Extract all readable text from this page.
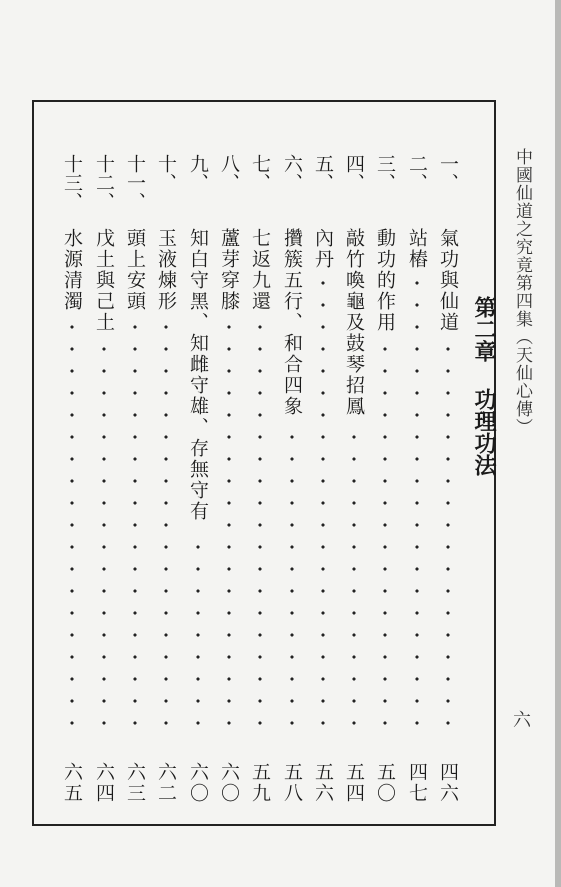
中國仙道之究竟第四集（天仙心傳）
六
第二章功理功法
一、
氣功與仙道
四六
二、
站樁
四七
三、
動功的作用
五〇
四、
敲竹喚龜及鼓琴招鳳
五四
五、
內丹
五六
六、
攢簇五行、和合四象
五八
七、
七返九還
五九
八、
蘆芽穿膝
六〇
九、
知白守黑、知雌守雄、存無守有
六〇
十、
玉液煉形
六二
十一、
頭上安頭
六三
十二、
戊土與己土
六四
十三、
水源清濁
六五
